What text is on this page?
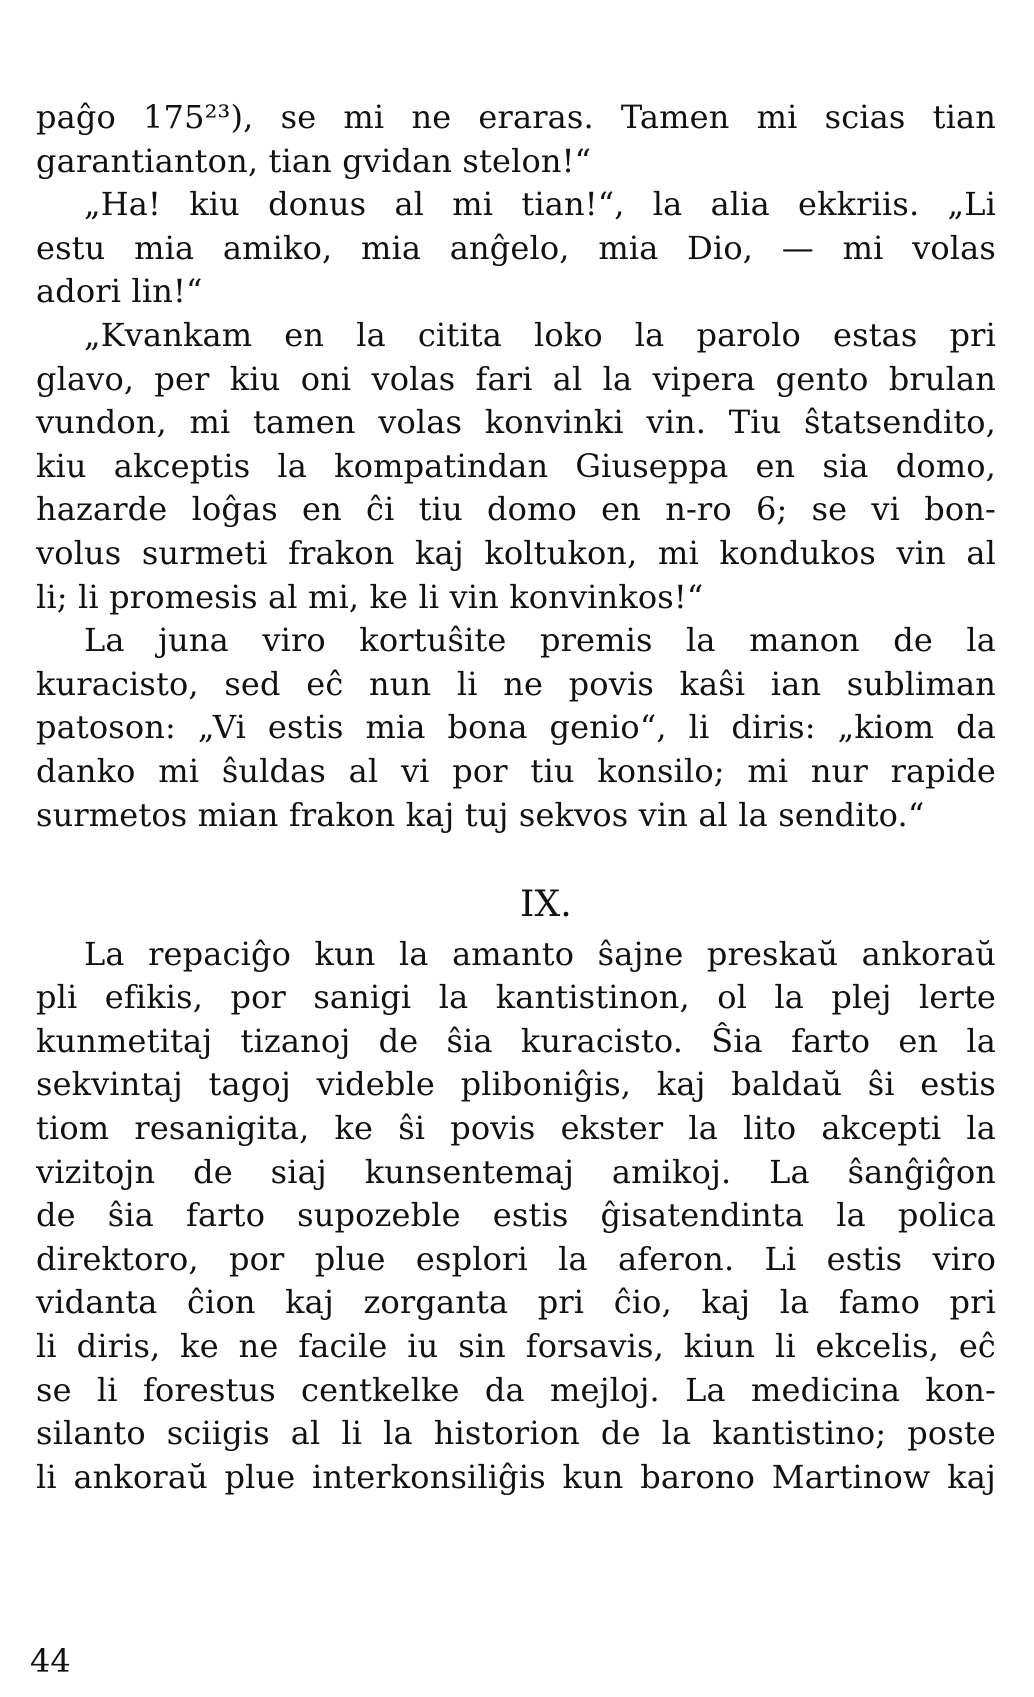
paĝo 175²³), se mi ne eraras. Tamen mi scias tian
garantianton, tian gvidan stelon!“
„Ha! kiu donus al mi tian!“, la alia ekkriis. „Li
estu mia amiko, mia anĝelo, mia Dio, — mi volas
adori lin!“
„Kvankam en la citita loko la parolo estas pri
glavo, per kiu oni volas fari al la vipera gento brulan
vundon, mi tamen volas konvinki vin. Tiu ŝtatsendito,
kiu akceptis la kompatindan Giuseppa en sia domo,
hazarde loĝas en ĉi tiu domo en n-ro 6; se vi bon-
volus surmeti frakon kaj koltukon, mi kondukos vin al
li; li promesis al mi, ke li vin konvinkos!“
La juna viro kortuŝite premis la manon de la
kuracisto, sed eĉ nun li ne povis kaŝi ian subliman
patoson: „Vi estis mia bona genio“, li diris: „kiom da
danko mi ŝuldas al vi por tiu konsilo; mi nur rapide
surmetos mian frakon kaj tuj sekvos vin al la sendito.“
IX.
La repaciĝo kun la amanto ŝajne preskaŭ ankoraŭ
pli efikis, por sanigi la kantistinon, ol la plej lerte
kunmetitaj tizanoj de ŝia kuracisto. Ŝia farto en la
sekvintaj tagoj videble pliboniĝis, kaj baldaŭ ŝi estis
tiom resanigita, ke ŝi povis ekster la lito akcepti la
vizitojn de siaj kunsentemaj amikoj. La ŝanĝiĝon
de ŝia farto supozeble estis ĝisatendinta la polica
direktoro, por plue esplori la aferon. Li estis viro
vidanta ĉion kaj zorganta pri ĉio, kaj la famo pri
li diris, ke ne facile iu sin forsavis, kiun li ekcelis, eĉ
se li forestus centkelke da mejloj. La medicina kon-
silanto sciigis al li la historion de la kantistino; poste
li ankoraŭ plue interkonsiliĝis kun barono Martinow kaj
44
